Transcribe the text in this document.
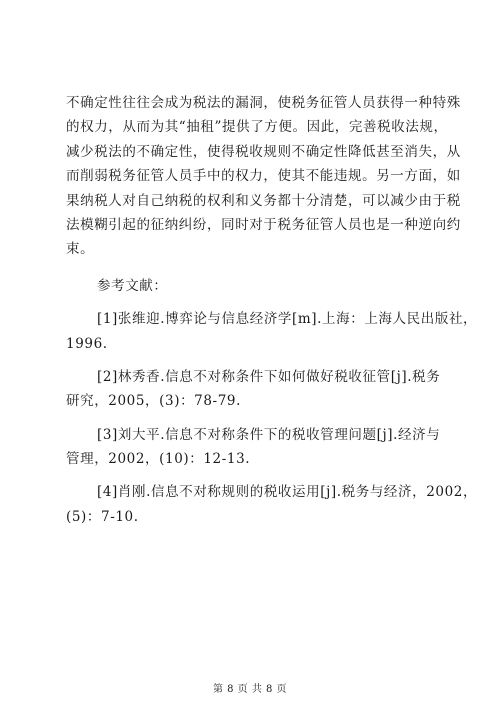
不确定性往往会成为税法的漏洞，使税务征管人员获得一种特殊
的权力，从而为其“抽租”提供了方便。因此，完善税收法规，
减少税法的不确定性，使得税收规则不确定性降低甚至消失，从
而削弱税务征管人员手中的权力，使其不能违规。另一方面，如
果纳税人对自己纳税的权利和义务都十分清楚，可以减少由于税
法模糊引起的征纳纠纷，同时对于税务征管人员也是一种逆向约
束。
参考文献：
[1]张维迎.博弈论与信息经济学[m].上海：上海人民出版社，
1996.
[2]林秀香.信息不对称条件下如何做好税收征管[j].税务
研究，2005，(3)：78-79.
[3]刘大平.信息不对称条件下的税收管理问题[j].经济与
管理，2002，(10)：12-13.
[4]肖刚.信息不对称规则的税收运用[j].税务与经济，2002，
(5)：7-10.
第 8 页 共 8 页
